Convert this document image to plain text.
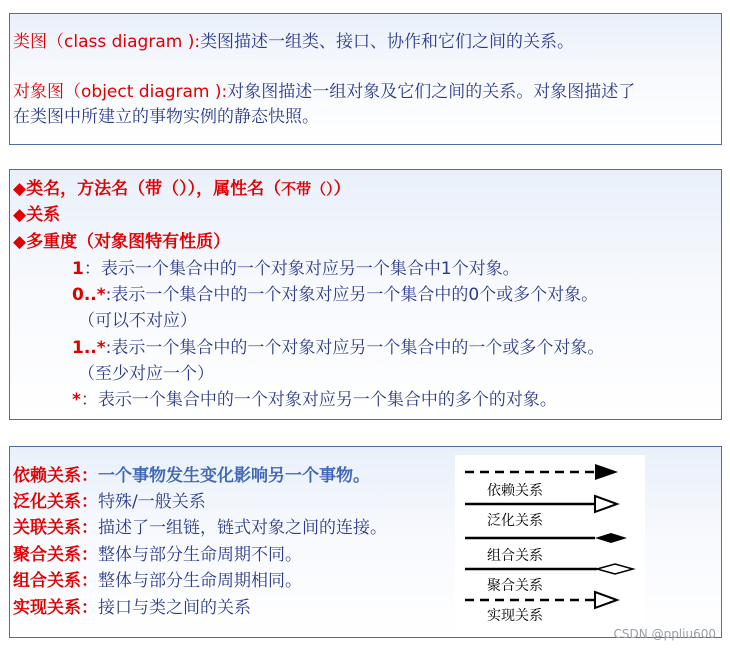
类图（class diagram ):类图描述一组类、接口、协作和它们之间的关系。
对象图（object diagram ):对象图描述一组对象及它们之间的关系。对象图描述了
在类图中所建立的事物实例的静态快照。
◆类名，方法名（带（）），属性名（不带（））
◆关系
◆多重度（对象图特有性质）
1：表示一个集合中的一个对象对应另一个集合中1个对象。
0..*:表示一个集合中的一个对象对应另一个集合中的0个或多个对象。
（可以不对应）
1..*:表示一个集合中的一个对象对应另一个集合中的一个或多个对象。
（至少对应一个）
*：表示一个集合中的一个对象对应另一个集合中的多个的对象。
依赖关系：一个事物发生变化影响另一个事物。
泛化关系：特殊/一般关系
关联关系：描述了一组链，链式对象之间的连接。
聚合关系：整体与部分生命周期不同。
组合关系：整体与部分生命周期相同。
实现关系：接口与类之间的关系
依赖关系
泛化关系
组合关系
聚合关系
实现关系
CSDN @ppliu600
